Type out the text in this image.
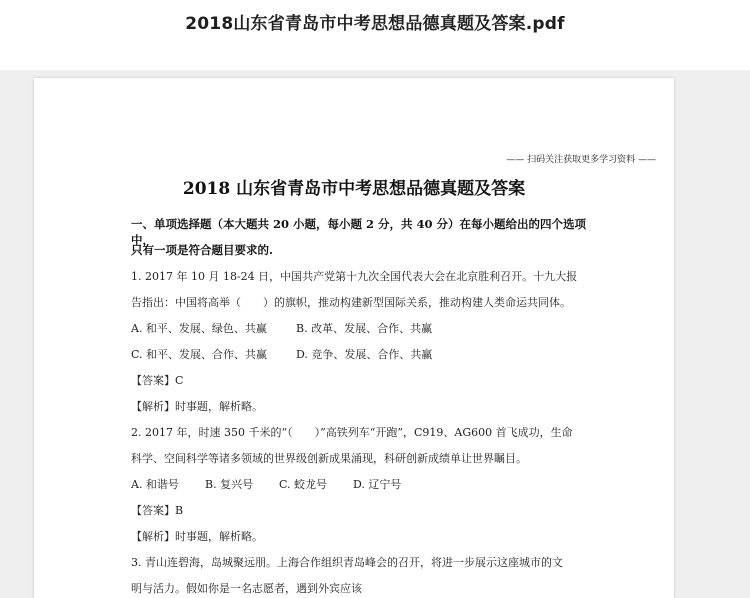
2018山东省青岛市中考思想品德真题及答案.pdf
—— 扫码关注获取更多学习资料 ——
2018 山东省青岛市中考思想品德真题及答案
一、单项选择题（本大题共 20 小题，每小题 2 分，共 40 分）在每小题给出的四个选项中，
只有一项是符合题目要求的.
1. 2017 年 10 月 18-24 日，中国共产党第十九次全国代表大会在北京胜利召开。十九大报
告指出：中国将高举（　　）的旗帜，推动构建新型国际关系，推动构建人类命运共同体。
A. 和平、发展、绿色、共赢	B. 改革、发展、合作、共赢
C. 和平、发展、合作、共赢	D. 竞争、发展、合作、共赢
【答案】C
【解析】时事题，解析略。
2. 2017 年，时速 350 千米的“（　　）”高铁列车“开跑”，C919、AG600 首飞成功，生命
科学、空间科学等诸多领域的世界级创新成果涌现，科研创新成绩单让世界瞩目。
A. 和谐号 B. 复兴号 C. 蛟龙号 D. 辽宁号
【答案】B
【解析】时事题，解析略。
3. 青山连碧海，岛城聚远朋。上海合作组织青岛峰会的召开，将进一步展示这座城市的文
明与活力。假如你是一名志愿者，遇到外宾应该
